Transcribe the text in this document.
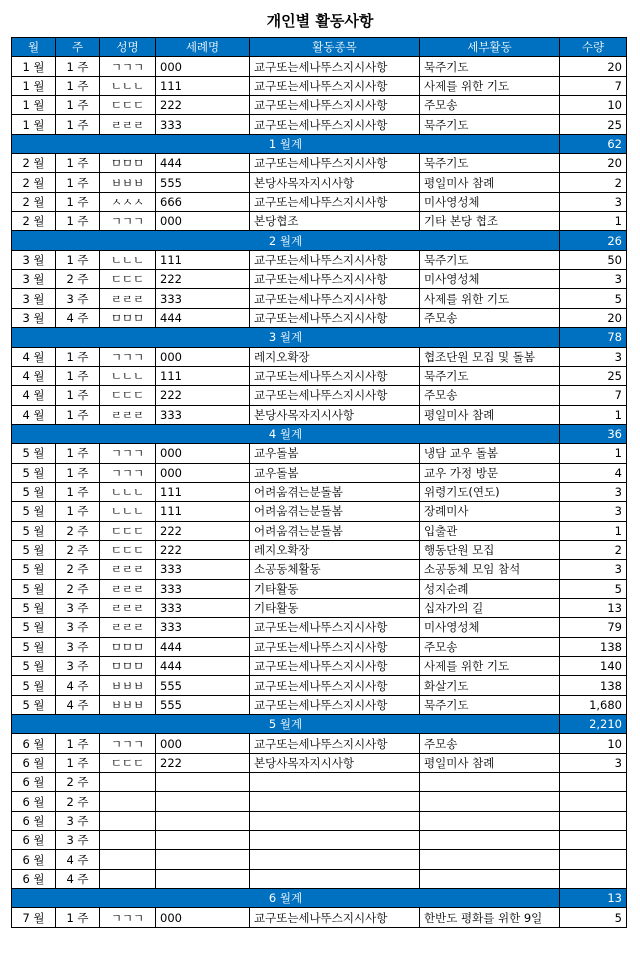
개인별 활동사항
월	주	성명	세례명	활동종목	세부활동	수량
1 월	1 주	ㄱㄱㄱ	000	교구또는세나뚜스지시사항	묵주기도	20
1 월	1 주	ㄴㄴㄴ	111	교구또는세나뚜스지시사항	사제를 위한 기도	7
1 월	1 주	ㄷㄷㄷ	222	교구또는세나뚜스지시사항	주모송	10
1 월	1 주	ㄹㄹㄹ	333	교구또는세나뚜스지시사항	묵주기도	25
1 월계						62
2 월	1 주	ㅁㅁㅁ	444	교구또는세나뚜스지시사항	묵주기도	20
2 월	1 주	ㅂㅂㅂ	555	본당사목자지시사항	평일미사 참례	2
2 월	1 주	ㅅㅅㅅ	666	교구또는세나뚜스지시사항	미사영성체	3
2 월	1 주	ㄱㄱㄱ	000	본당협조	기타 본당 협조	1
2 월계						26
3 월	1 주	ㄴㄴㄴ	111	교구또는세나뚜스지시사항	묵주기도	50
3 월	2 주	ㄷㄷㄷ	222	교구또는세나뚜스지시사항	미사영성체	3
3 월	3 주	ㄹㄹㄹ	333	교구또는세나뚜스지시사항	사제를 위한 기도	5
3 월	4 주	ㅁㅁㅁ	444	교구또는세나뚜스지시사항	주모송	20
3 월계						78
4 월	1 주	ㄱㄱㄱ	000	레지오확장	협조단원 모집 및 돌봄	3
4 월	1 주	ㄴㄴㄴ	111	교구또는세나뚜스지시사항	묵주기도	25
4 월	1 주	ㄷㄷㄷ	222	교구또는세나뚜스지시사항	주모송	7
4 월	1 주	ㄹㄹㄹ	333	본당사목자지시사항	평일미사 참례	1
4 월계						36
5 월	1 주	ㄱㄱㄱ	000	교우돌봄	냉담 교우 돌봄	1
5 월	1 주	ㄱㄱㄱ	000	교우돌봄	교우 가정 방문	4
5 월	1 주	ㄴㄴㄴ	111	어려움겪는분돌봄	위령기도(연도)	3
5 월	1 주	ㄴㄴㄴ	111	어려움겪는분돌봄	장례미사	3
5 월	2 주	ㄷㄷㄷ	222	어려움겪는분돌봄	입출관	1
5 월	2 주	ㄷㄷㄷ	222	레지오확장	행동단원 모집	2
5 월	2 주	ㄹㄹㄹ	333	소공동체활동	소공동체 모임 참석	3
5 월	2 주	ㄹㄹㄹ	333	기타활동	성지순례	5
5 월	3 주	ㄹㄹㄹ	333	기타활동	십자가의 길	13
5 월	3 주	ㄹㄹㄹ	333	교구또는세나뚜스지시사항	미사영성체	79
5 월	3 주	ㅁㅁㅁ	444	교구또는세나뚜스지시사항	주모송	138
5 월	3 주	ㅁㅁㅁ	444	교구또는세나뚜스지시사항	사제를 위한 기도	140
5 월	4 주	ㅂㅂㅂ	555	교구또는세나뚜스지시사항	화살기도	138
5 월	4 주	ㅂㅂㅂ	555	교구또는세나뚜스지시사항	묵주기도	1,680
5 월계						2,210
6 월	1 주	ㄱㄱㄱ	000	교구또는세나뚜스지시사항	주모송	10
6 월	1 주	ㄷㄷㄷ	222	본당사목자지시사항	평일미사 참례	3
6 월	2 주					
6 월	2 주					
6 월	3 주					
6 월	3 주					
6 월	4 주					
6 월	4 주					
6 월계						13
7 월	1 주	ㄱㄱㄱ	000	교구또는세나뚜스지시사항	한반도 평화를 위한 9일	5
